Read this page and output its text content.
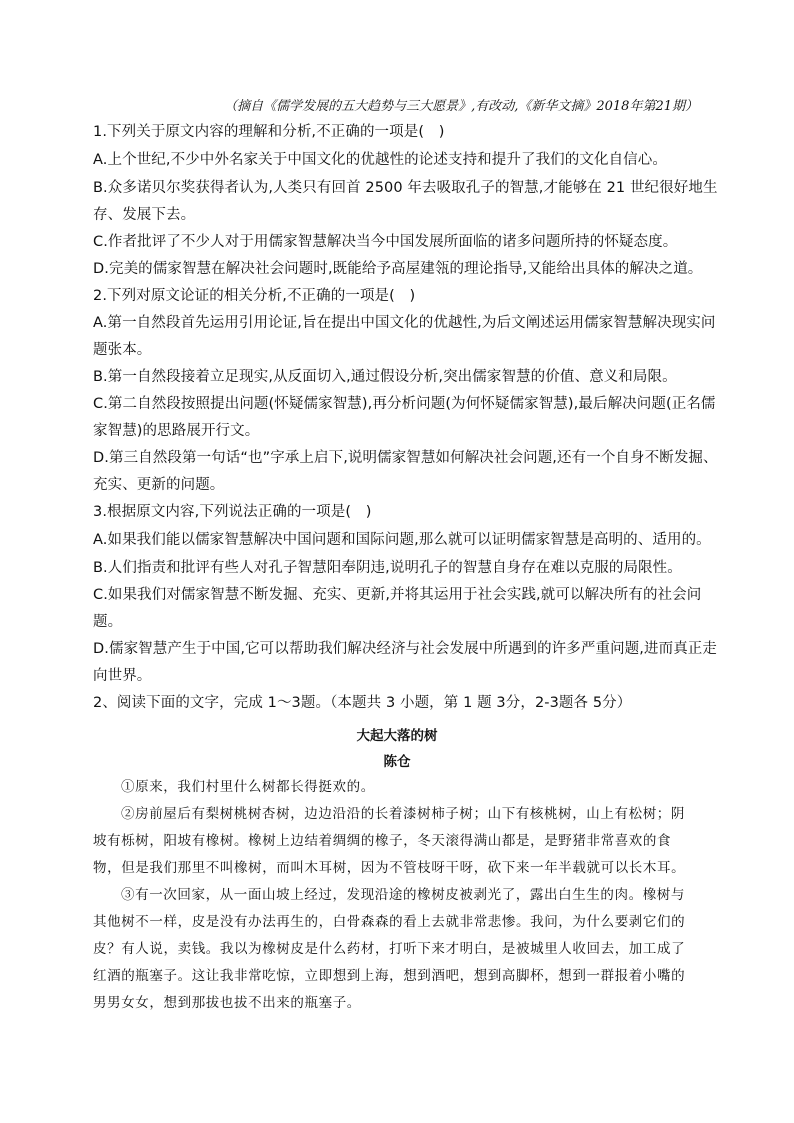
（摘自《儒学发展的五大趋势与三大愿景》,有改动,《新华文摘》2018年第21期）
1.下列关于原文内容的理解和分析,不正确的一项是(　)
A.上个世纪,不少中外名家关于中国文化的优越性的论述支持和提升了我们的文化自信心。
B.众多诺贝尔奖获得者认为,人类只有回首 2500 年去吸取孔子的智慧,才能够在 21 世纪很好地生
存、发展下去。
C.作者批评了不少人对于用儒家智慧解决当今中国发展所面临的诸多问题所持的怀疑态度。
D.完美的儒家智慧在解决社会问题时,既能给予高屋建瓴的理论指导,又能给出具体的解决之道。
2.下列对原文论证的相关分析,不正确的一项是(　)
A.第一自然段首先运用引用论证,旨在提出中国文化的优越性,为后文阐述运用儒家智慧解决现实问
题张本。
B.第一自然段接着立足现实,从反面切入,通过假设分析,突出儒家智慧的价值、意义和局限。
C.第二自然段按照提出问题(怀疑儒家智慧),再分析问题(为何怀疑儒家智慧),最后解决问题(正名儒
家智慧)的思路展开行文。
D.第三自然段第一句话“也”字承上启下,说明儒家智慧如何解决社会问题,还有一个自身不断发掘、
充实、更新的问题。
3.根据原文内容,下列说法正确的一项是(　)
A.如果我们能以儒家智慧解决中国问题和国际问题,那么就可以证明儒家智慧是高明的、适用的。
B.人们指责和批评有些人对孔子智慧阳奉阴违,说明孔子的智慧自身存在难以克服的局限性。
C.如果我们对儒家智慧不断发掘、充实、更新,并将其运用于社会实践,就可以解决所有的社会问
题。
D.儒家智慧产生于中国,它可以帮助我们解决经济与社会发展中所遇到的许多严重问题,进而真正走
向世界。
2、阅读下面的文字，完成 1～3题。（本题共 3 小题，第 1 题 3分，2-3题各 5分）
大起大落的树
陈仓
①原来，我们村里什么树都长得挺欢的。
②房前屋后有梨树桃树杏树，边边沿沿的长着漆树柿子树；山下有核桃树，山上有松树；阴
坡有栎树，阳坡有橡树。橡树上边结着绸绸的橡子，冬天滚得满山都是，是野猪非常喜欢的食
物，但是我们那里不叫橡树，而叫木耳树，因为不管枝呀干呀，砍下来一年半载就可以长木耳。
③有一次回家，从一面山坡上经过，发现沿途的橡树皮被剥光了，露出白生生的肉。橡树与
其他树不一样，皮是没有办法再生的，白骨森森的看上去就非常悲惨。我问，为什么要剥它们的
皮？有人说，卖钱。我以为橡树皮是什么药材，打听下来才明白，是被城里人收回去，加工成了
红酒的瓶塞子。这让我非常吃惊，立即想到上海，想到酒吧，想到高脚杯，想到一群报着小嘴的
男男女女，想到那拔也拔不出来的瓶塞子。
